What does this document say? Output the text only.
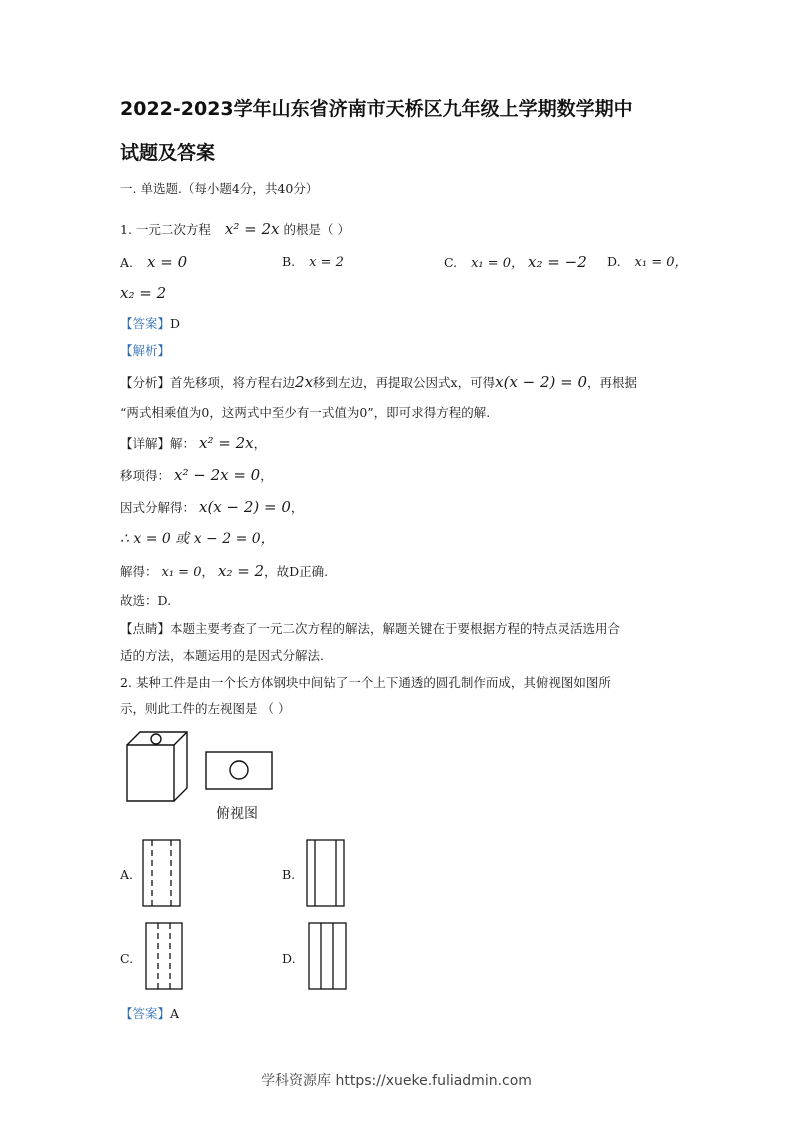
2022-2023学年山东省济南市天桥区九年级上学期数学期中
试题及答案
一. 单选题.（每小题4分，共40分）
1. 一元二次方程 x² = 2x 的根是（ ）
A. x = 0	B. x = 2	C. x₁ = 0， x₂ = −2 D. x₁ = 0，
x₂ = 2
【答案】D
【解析】
【分析】首先移项，将方程右边2x移到左边，再提取公因式x，可得x(x − 2) = 0，再根据
“两式相乘值为0，这两式中至少有一式值为0”，即可求得方程的解.
【详解】解： x² = 2x，
移项得： x² − 2x = 0，
因式分解得： x(x − 2) = 0，
∴ x = 0 或 x − 2 = 0，
解得： x₁ = 0， x₂ = 2，故D正确.
故选：D.
【点睛】本题主要考查了一元二次方程的解法，解题关键在于要根据方程的特点灵活选用合
适的方法，本题运用的是因式分解法.
2. 某种工件是由一个长方体钢块中间钻了一个上下通透的圆孔制作而成，其俯视图如图所
示，则此工件的左视图是 （ ）
俯视图
A.	B.
C.	D.
【答案】A
学科资源库 https://xueke.fuliadmin.com
